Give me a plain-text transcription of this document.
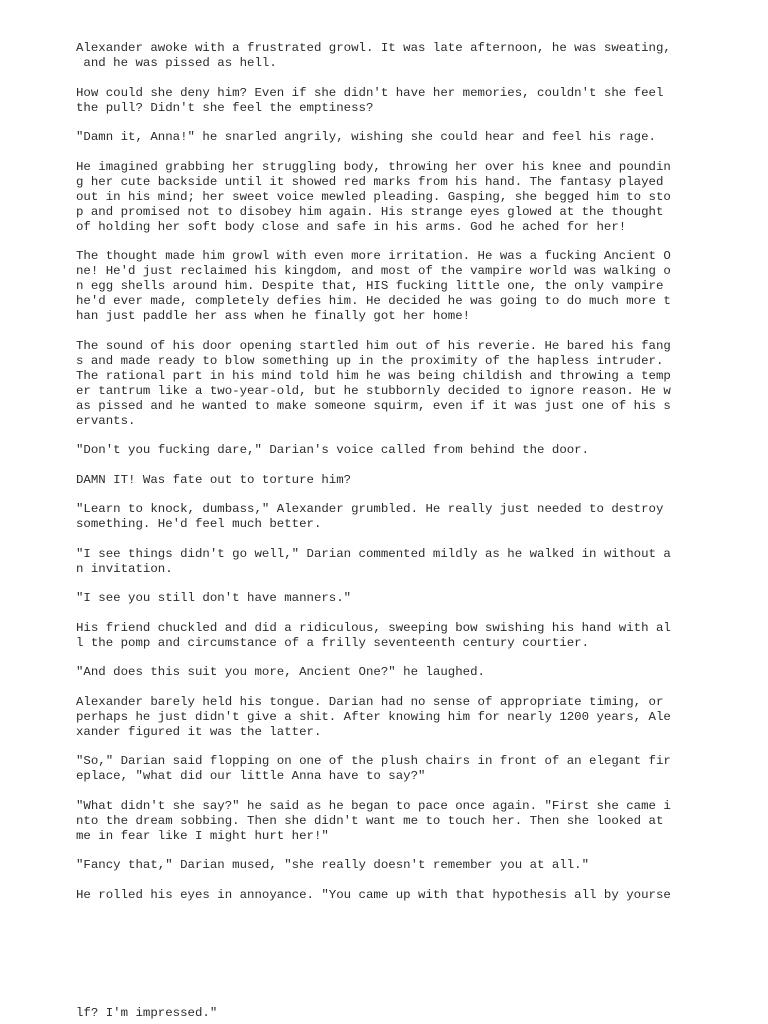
Alexander awoke with a frustrated growl. It was late afternoon, he was sweating,
and he was pissed as hell.

How could she deny him? Even if she didn't have her memories, couldn't she feel
the pull? Didn't she feel the emptiness?

"Damn it, Anna!" he snarled angrily, wishing she could hear and feel his rage.

He imagined grabbing her struggling body, throwing her over his knee and poundin
g her cute backside until it showed red marks from his hand. The fantasy played
out in his mind; her sweet voice mewled pleading. Gasping, she begged him to sto
p and promised not to disobey him again. His strange eyes glowed at the thought
of holding her soft body close and safe in his arms. God he ached for her!

The thought made him growl with even more irritation. He was a fucking Ancient O
ne! He'd just reclaimed his kingdom, and most of the vampire world was walking o
n egg shells around him. Despite that, HIS fucking little one, the only vampire
he'd ever made, completely defies him. He decided he was going to do much more t
han just paddle her ass when he finally got her home!

The sound of his door opening startled him out of his reverie. He bared his fang
s and made ready to blow something up in the proximity of the hapless intruder.
The rational part in his mind told him he was being childish and throwing a temp
er tantrum like a two-year-old, but he stubbornly decided to ignore reason. He w
as pissed and he wanted to make someone squirm, even if it was just one of his s
ervants.

"Don't you fucking dare," Darian's voice called from behind the door.

DAMN IT! Was fate out to torture him?

"Learn to knock, dumbass," Alexander grumbled. He really just needed to destroy
something. He'd feel much better.

"I see things didn't go well," Darian commented mildly as he walked in without a
n invitation.

"I see you still don't have manners."

His friend chuckled and did a ridiculous, sweeping bow swishing his hand with al
l the pomp and circumstance of a frilly seventeenth century courtier.

"And does this suit you more, Ancient One?" he laughed.

Alexander barely held his tongue. Darian had no sense of appropriate timing, or
perhaps he just didn't give a shit. After knowing him for nearly 1200 years, Ale
xander figured it was the latter.

"So," Darian said flopping on one of the plush chairs in front of an elegant fir
eplace, "what did our little Anna have to say?"

"What didn't she say?" he said as he began to pace once again. "First she came i
nto the dream sobbing. Then she didn't want me to touch her. Then she looked at
me in fear like I might hurt her!"

"Fancy that," Darian mused, "she really doesn't remember you at all."

He rolled his eyes in annoyance. "You came up with that hypothesis all by yourse

lf? I'm impressed."
